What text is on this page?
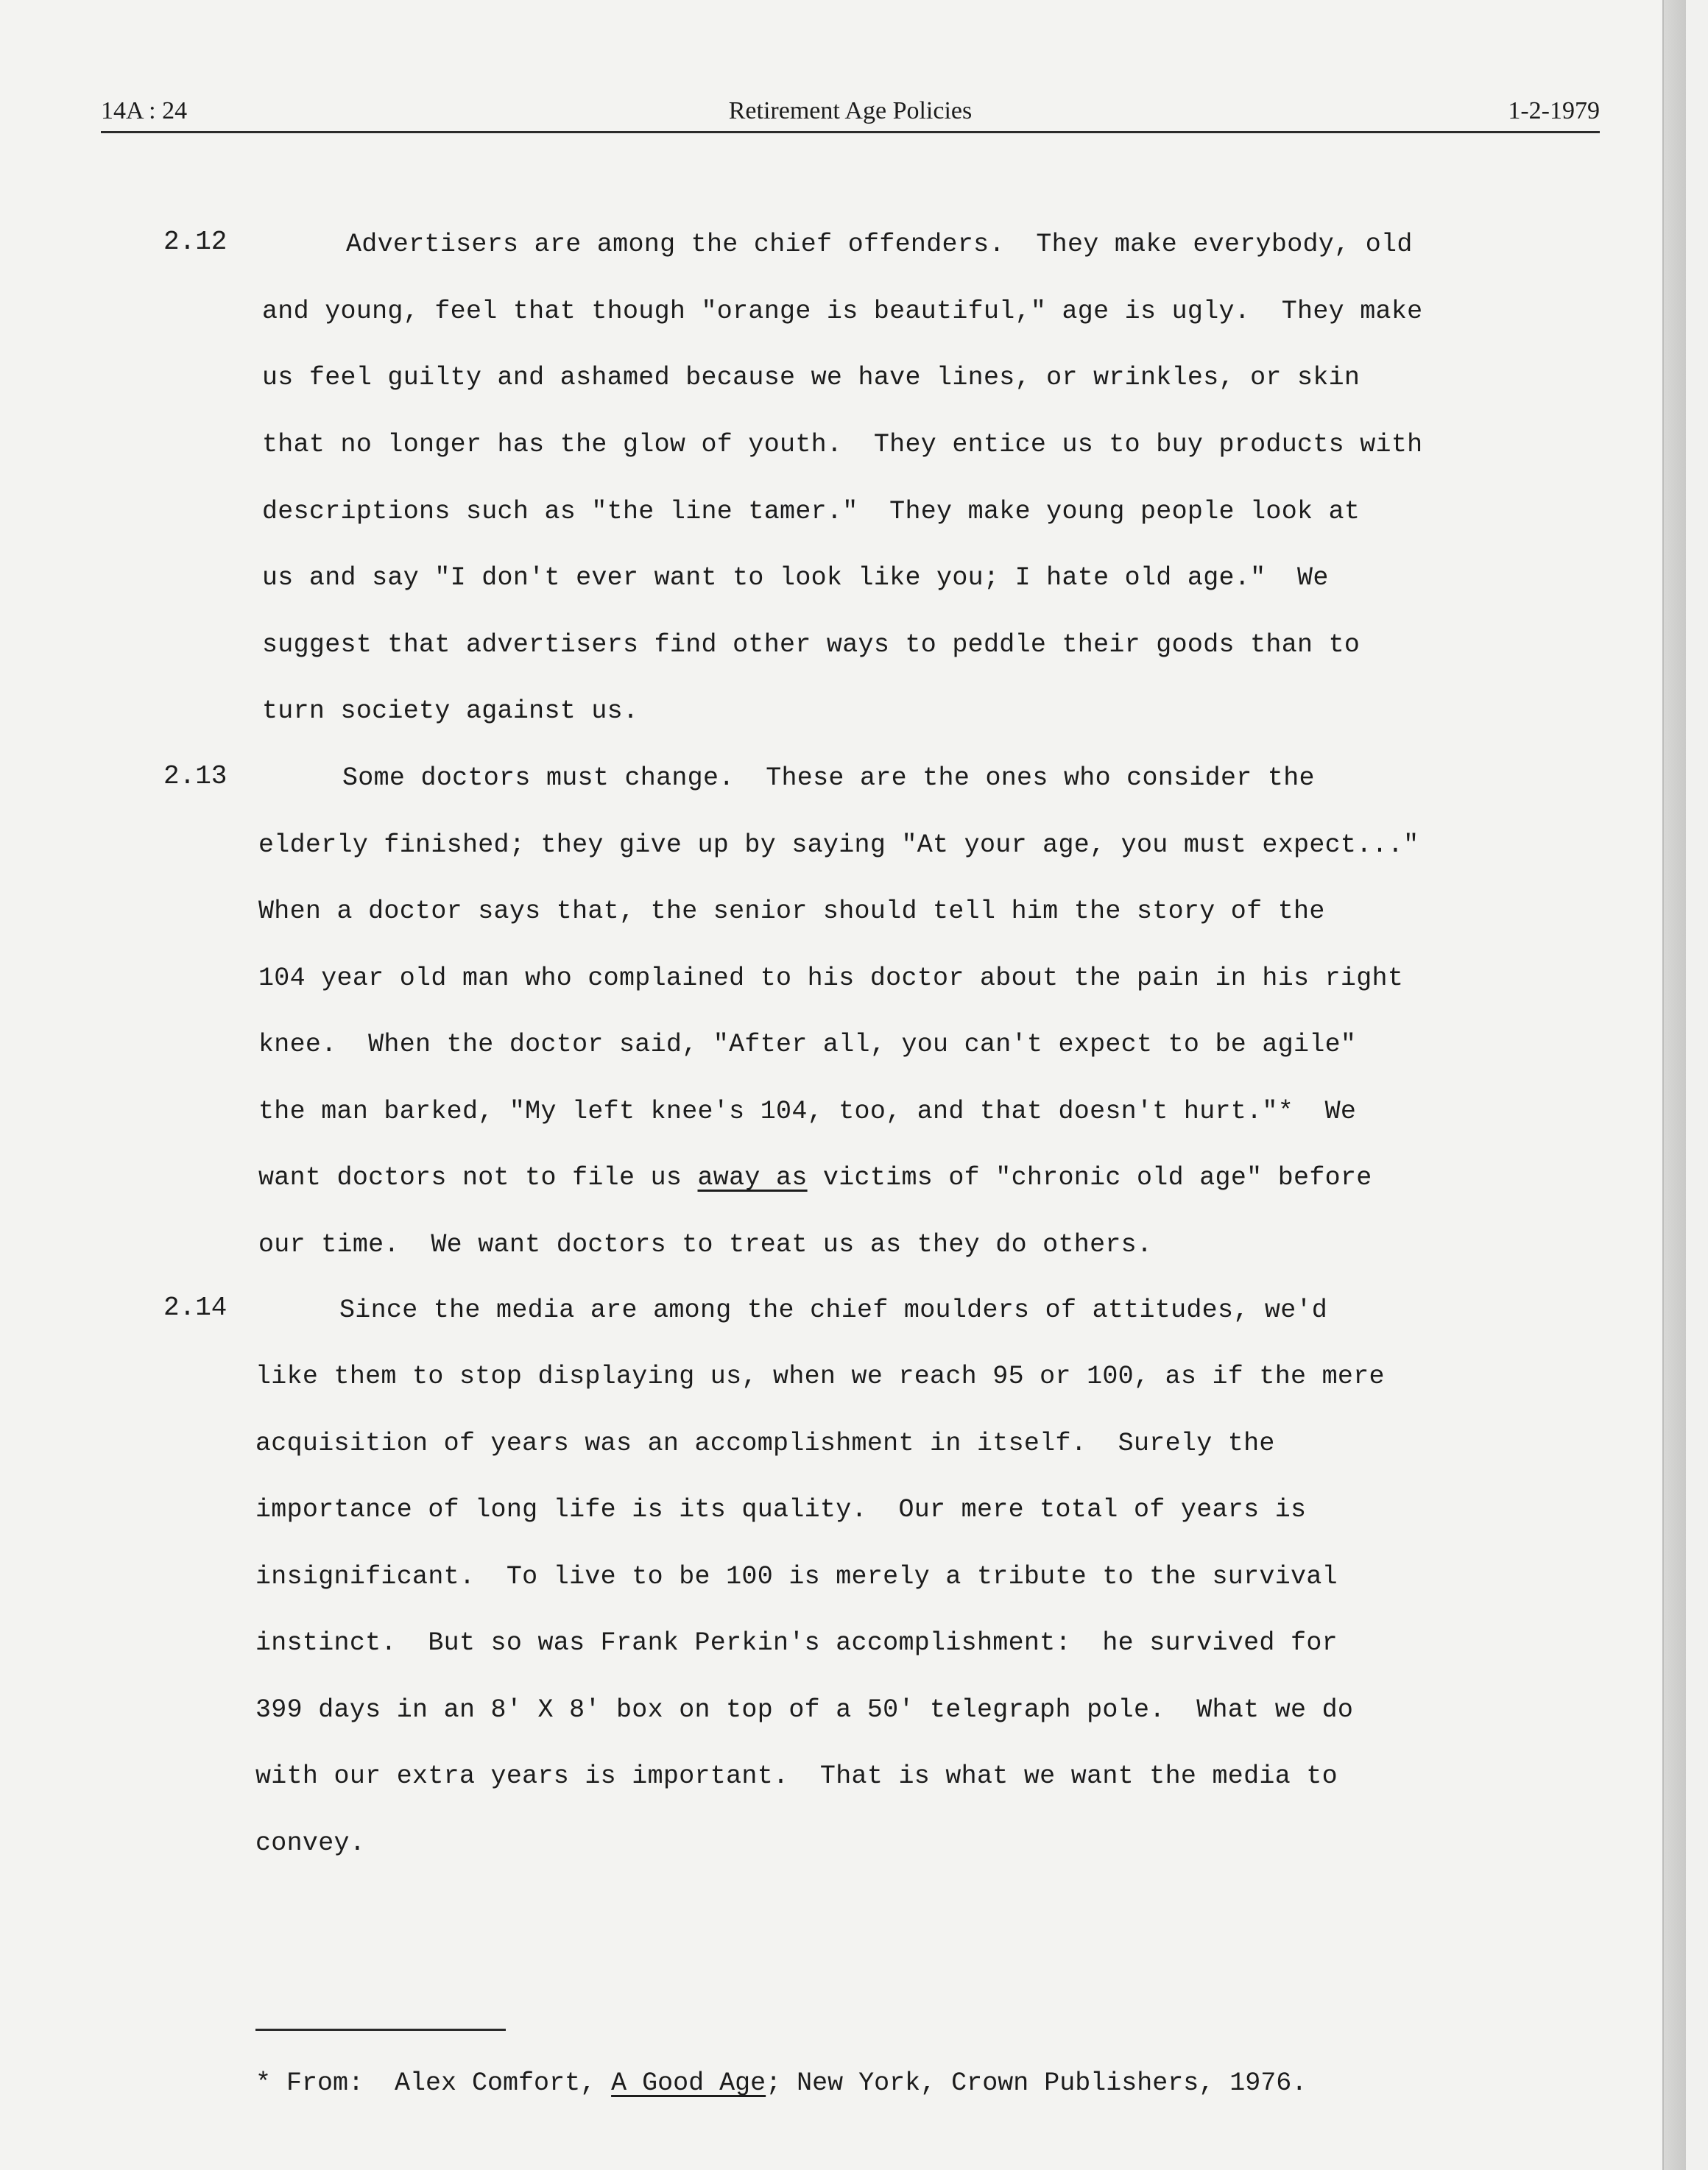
14A : 24	Retirement Age Policies	1-2-1979
2.12	Advertisers are among the chief offenders.  They make everybody, old
and young, feel that though "orange is beautiful," age is ugly.  They make
us feel guilty and ashamed because we have lines, or wrinkles, or skin
that no longer has the glow of youth.  They entice us to buy products with
descriptions such as "the line tamer."  They make young people look at
us and say "I don't ever want to look like you; I hate old age."  We
suggest that advertisers find other ways to peddle their goods than to
turn society against us.
2.13	Some doctors must change.  These are the ones who consider the
elderly finished; they give up by saying "At your age, you must expect..."
When a doctor says that, the senior should tell him the story of the
104 year old man who complained to his doctor about the pain in his right
knee.  When the doctor said, "After all, you can't expect to be agile"
the man barked, "My left knee's 104, too, and that doesn't hurt."*  We
want doctors not to file us away as victims of "chronic old age" before
our time.  We want doctors to treat us as they do others.
2.14	Since the media are among the chief moulders of attitudes, we'd
like them to stop displaying us, when we reach 95 or 100, as if the mere
acquisition of years was an accomplishment in itself.  Surely the
importance of long life is its quality.  Our mere total of years is
insignificant.  To live to be 100 is merely a tribute to the survival
instinct.  But so was Frank Perkin's accomplishment:  he survived for
399 days in an 8' X 8' box on top of a 50' telegraph pole.  What we do
with our extra years is important.  That is what we want the media to
convey.
* From:  Alex Comfort, A Good Age; New York, Crown Publishers, 1976.
